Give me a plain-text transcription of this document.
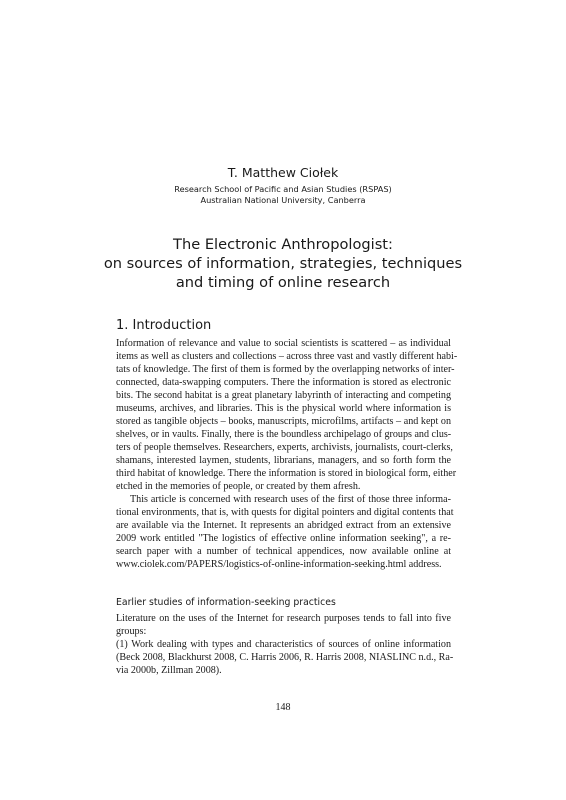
T. Matthew Ciołek
Research School of Pacific and Asian Studies (RSPAS)
Australian National University, Canberra
The Electronic Anthropologist:
on sources of information, strategies, techniques
and timing of online research
1. Introduction
Information of relevance and value to social scientists is scattered – as individual
items as well as clusters and collections – across three vast and vastly different habi-
tats of knowledge. The first of them is formed by the overlapping networks of inter-
connected, data-swapping computers. There the information is stored as electronic
bits. The second habitat is a great planetary labyrinth of interacting and competing
museums, archives, and libraries. This is the physical world where information is
stored as tangible objects – books, manuscripts, microfilms, artifacts – and kept on
shelves, or in vaults. Finally, there is the boundless archipelago of groups and clus-
ters of people themselves. Researchers, experts, archivists, journalists, court-clerks,
shamans, interested laymen, students, librarians, managers, and so forth form the
third habitat of knowledge. There the information is stored in biological form, either
etched in the memories of people, or created by them afresh.
This article is concerned with research uses of the first of those three informa-
tional environments, that is, with quests for digital pointers and digital contents that
are available via the Internet. It represents an abridged extract from an extensive
2009 work entitled "The logistics of effective online information seeking", a re-
search paper with a number of technical appendices, now available online at
www.ciolek.com/PAPERS/logistics-of-online-information-seeking.html address.
Earlier studies of information-seeking practices
Literature on the uses of the Internet for research purposes tends to fall into five
groups:
(1) Work dealing with types and characteristics of sources of online information
(Beck 2008, Blackhurst 2008, C. Harris 2006, R. Harris 2008, NIASLINC n.d., Ra-
via 2000b, Zillman 2008).
148
